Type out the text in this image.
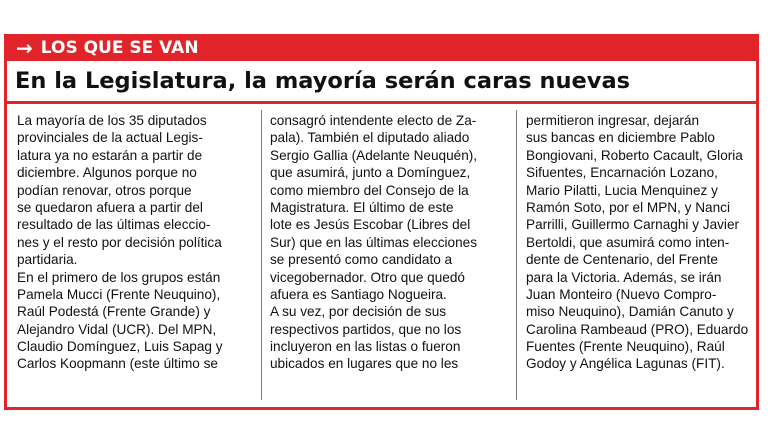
→ LOS QUE SE VAN
En la Legislatura, la mayoría serán caras nuevas
La mayoría de los 35 diputados
provinciales de la actual Legis-
latura ya no estarán a partir de
diciembre. Algunos porque no
podían renovar, otros porque
se quedaron afuera a partir del
resultado de las últimas eleccio-
nes y el resto por decisión política
partidaria.
En el primero de los grupos están
Pamela Mucci (Frente Neuquino),
Raúl Podestá (Frente Grande) y
Alejandro Vidal (UCR). Del MPN,
Claudio Domínguez, Luis Sapag y
Carlos Koopmann (este último se
consagró intendente electo de Za-
pala). También el diputado aliado
Sergio Gallia (Adelante Neuquén),
que asumirá, junto a Domínguez,
como miembro del Consejo de la
Magistratura. El último de este
lote es Jesús Escobar (Libres del
Sur) que en las últimas elecciones
se presentó como candidato a
vicegobernador. Otro que quedó
afuera es Santiago Nogueira.
A su vez, por decisión de sus
respectivos partidos, que no los
incluyeron en las listas o fueron
ubicados en lugares que no les
permitieron ingresar, dejarán
sus bancas en diciembre Pablo
Bongiovani, Roberto Cacault, Gloria
Sifuentes, Encarnación Lozano,
Mario Pilatti, Lucia Menquinez y
Ramón Soto, por el MPN, y Nanci
Parrilli, Guillermo Carnaghi y Javier
Bertoldi, que asumirá como inten-
dente de Centenario, del Frente
para la Victoria. Además, se irán
Juan Monteiro (Nuevo Compro-
miso Neuquino), Damián Canuto y
Carolina Rambeaud (PRO), Eduardo
Fuentes (Frente Neuquino), Raúl
Godoy y Angélica Lagunas (FIT).
